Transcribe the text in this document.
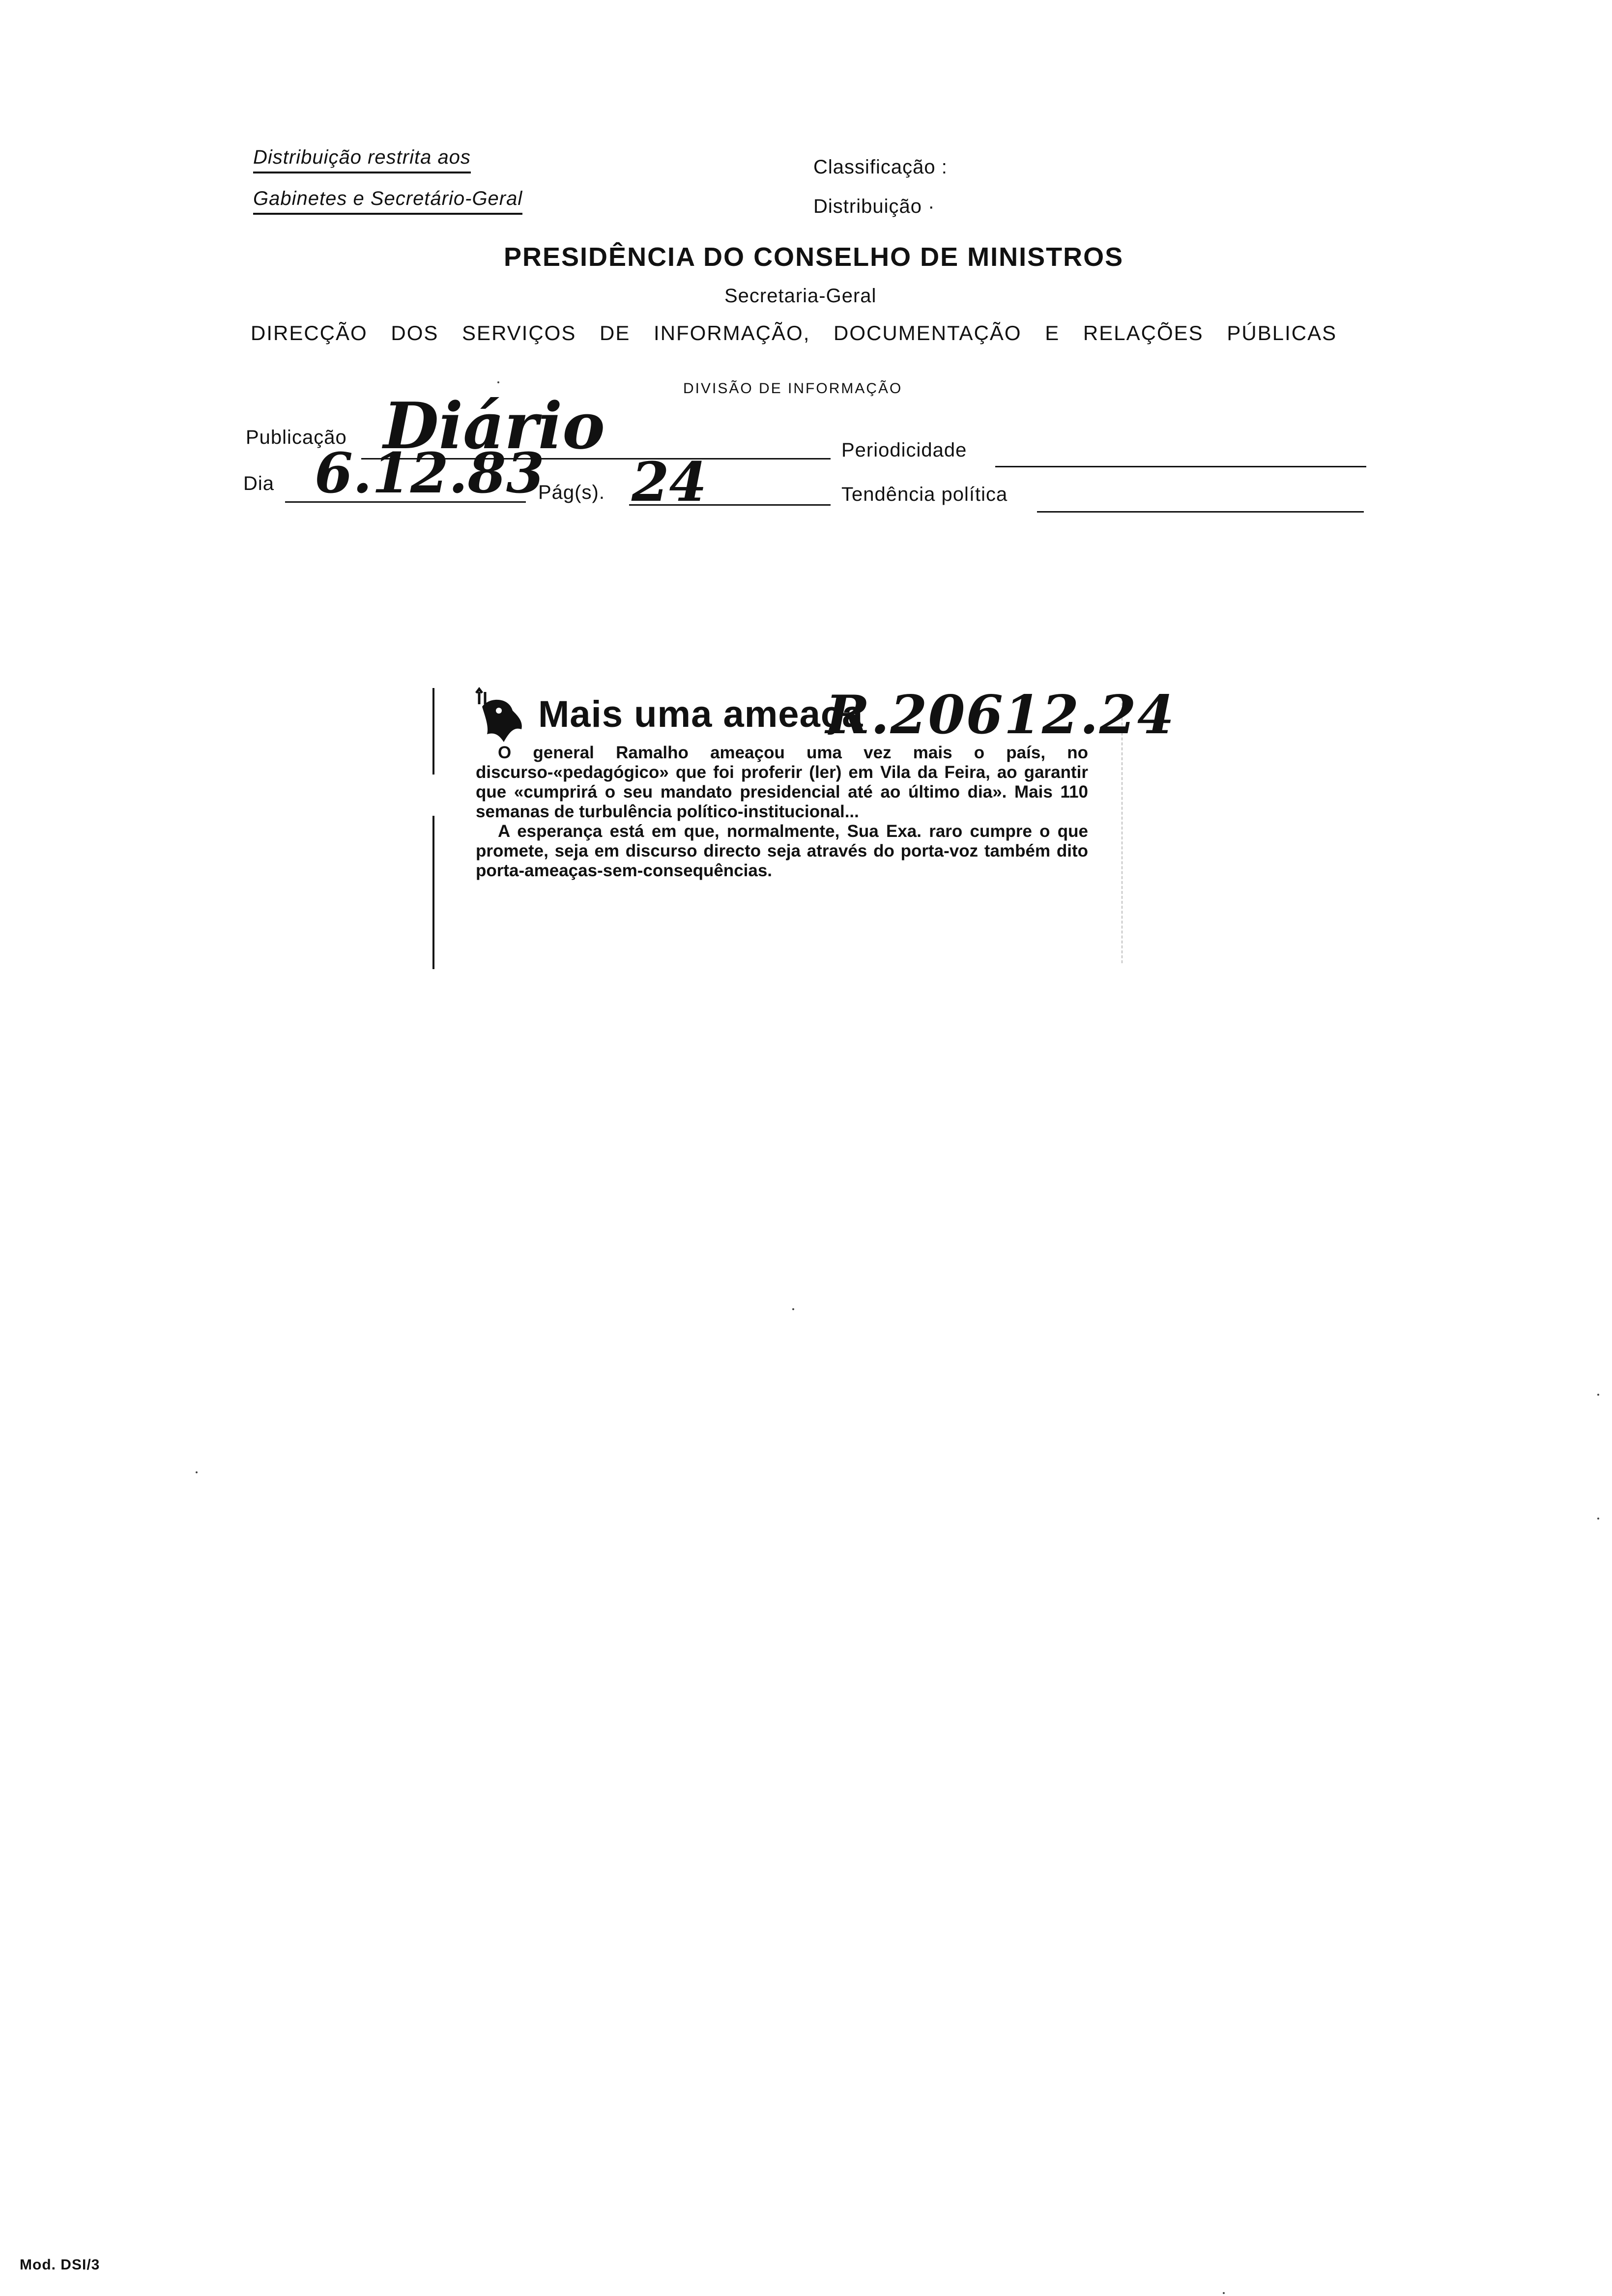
Distribuição restrita aos
Gabinetes e Secretário-Geral
Classificação :
Distribuição ·
PRESIDÊNCIA DO CONSELHO DE MINISTROS
Secretaria-Geral
DIRECÇÃO DOS SERVIÇOS DE INFORMAÇÃO, DOCUMENTAÇÃO E RELAÇÕES PÚBLICAS
DIVISÃO DE INFORMAÇÃO
Publicação Diário	Periodicidade
Dia 6.12.83
Pág(s). 24	Tendência política
Mais uma ameaça
R.20612.24

O general Ramalho ameaçou uma vez mais o país, no discurso-«pedagógico» que foi proferir (ler) em Vila da Feira, ao garantir que «cumprirá o seu mandato presidencial até ao último dia». Mais 110 semanas de turbulência político-institucional...

A esperança está em que, normalmente, Sua Exa. raro cumpre o que promete, seja em discurso directo seja através do porta-voz também dito porta-ameaças-sem-consequências.

Mod. DSI/3
